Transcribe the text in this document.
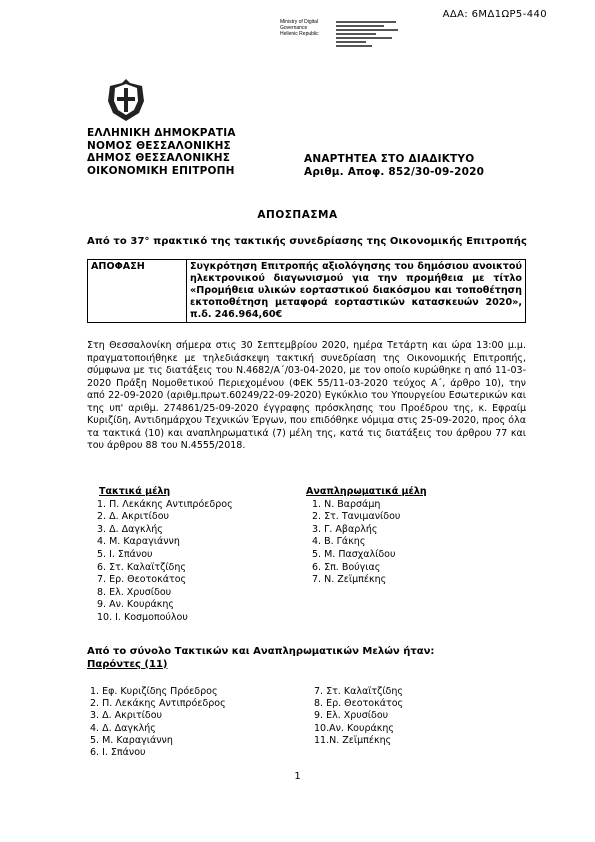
ΑΔΑ: 6ΜΔ1ΩΡ5-440
Ministry of Digital
Governance
Hellenic Republic
ΕΛΛΗΝΙΚΗ ΔΗΜΟΚΡΑΤΙΑ
ΝΟΜΟΣ ΘΕΣΣΑΛΟΝΙΚΗΣ
ΔΗΜΟΣ ΘΕΣΣΑΛΟΝΙΚΗΣ
ΟΙΚΟΝΟΜΙΚΗ ΕΠΙΤΡΟΠΗ
ΑΝΑΡΤΗΤΕΑ ΣΤΟ ΔΙΑΔΙΚΤΥΟ
Αριθμ. Αποφ. 852/30-09-2020
ΑΠΟΣΠΑΣΜΑ
Από το 37° πρακτικό της τακτικής συνεδρίασης της Οικονομικής Επιτροπής
ΑΠΟΦΑΣΗ	Συγκρότηση Επιτροπής αξιολόγησης του δημόσιου ανοικτού ηλεκτρονικού διαγωνισμού για την προμήθεια με τίτλο «Προμήθεια υλικών εορταστικού διακόσμου και τοποθέτηση εκτοποθέτηση μεταφορά εορταστικών κατασκευών 2020», π.δ. 246.964,60€
Στη Θεσσαλονίκη σήμερα στις 30 Σεπτεμβρίου 2020, ημέρα Τετάρτη και ώρα 13:00 μ.μ. πραγματοποιήθηκε με τηλεδιάσκεψη τακτική συνεδρίαση της Οικονομικής Επιτροπής, σύμφωνα με τις διατάξεις του Ν.4682/Α΄/03-04-2020, με τον οποίο κυρώθηκε η από 11-03-2020 Πράξη Νομοθετικού Περιεχομένου (ΦΕΚ 55/11-03-2020 τεύχος Α΄, άρθρο 10), την από 22-09-2020 (αριθμ.πρωτ.60249/22-09-2020) Εγκύκλιο του Υπουργείου Εσωτερικών και της υπ' αριθμ. 274861/25-09-2020 έγγραφης πρόσκλησης του Προέδρου της, κ. Εφραίμ Κυριζίδη, Αντιδημάρχου Τεχνικών Έργων, που επιδόθηκε νόμιμα στις 25-09-2020, προς όλα τα τακτικά (10) και αναπληρωματικά (7) μέλη της, κατά τις διατάξεις του άρθρου 77 και του άρθρου 88 του Ν.4555/2018.
Τακτικά μέλη
1. Π. Λεκάκης Αντιπρόεδρος
2. Δ. Ακριτίδου
3. Δ. Δαγκλής
4. Μ. Καραγιάννη
5. Ι. Σπάνου
6. Στ. Καλαϊτζίδης
7. Ερ. Θεοτοκάτος
8. Ελ. Χρυσίδου
9. Αν. Κουράκης
10. Ι. Κοσμοπούλου
Αναπληρωματικά μέλη
1. Ν. Βαρσάμη
2. Στ. Τανιμανίδου
3. Γ. Αβαρλής
4. Β. Γάκης
5. Μ. Πασχαλίδου
6. Σπ. Βούγιας
7. Ν. Ζεϊμπέκης
Από το σύνολο Τακτικών και Αναπληρωματικών Μελών ήταν:
Παρόντες (11)
1. Εφ. Κυριζίδης Πρόεδρος
2. Π. Λεκάκης Αντιπρόεδρος
3. Δ. Ακριτίδου
4. Δ. Δαγκλής
5. Μ. Καραγιάννη
6. Ι. Σπάνου
7. Στ. Καλαϊτζίδης
8. Ερ. Θεοτοκάτος
9. Ελ. Χρυσίδου
10.Αν. Κουράκης
11.Ν. Ζεϊμπέκης
1
